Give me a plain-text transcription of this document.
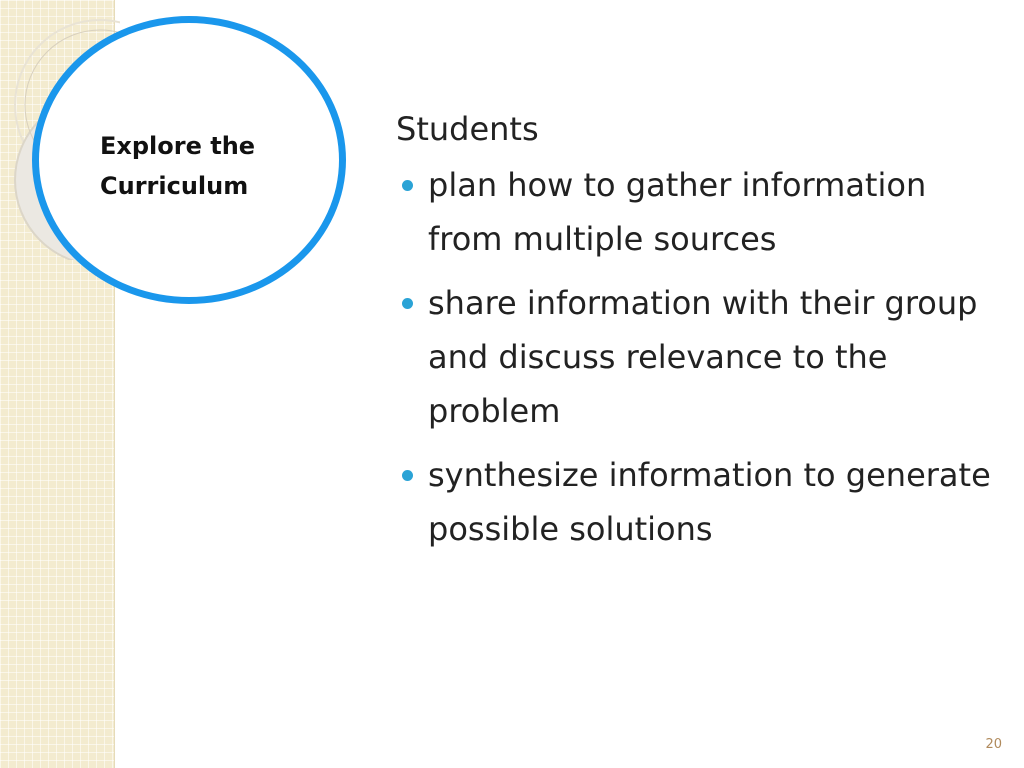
Explore the Curriculum
Students
plan how to gather information from multiple sources
share information with their group and discuss relevance to the problem
synthesize information to generate possible solutions
20
